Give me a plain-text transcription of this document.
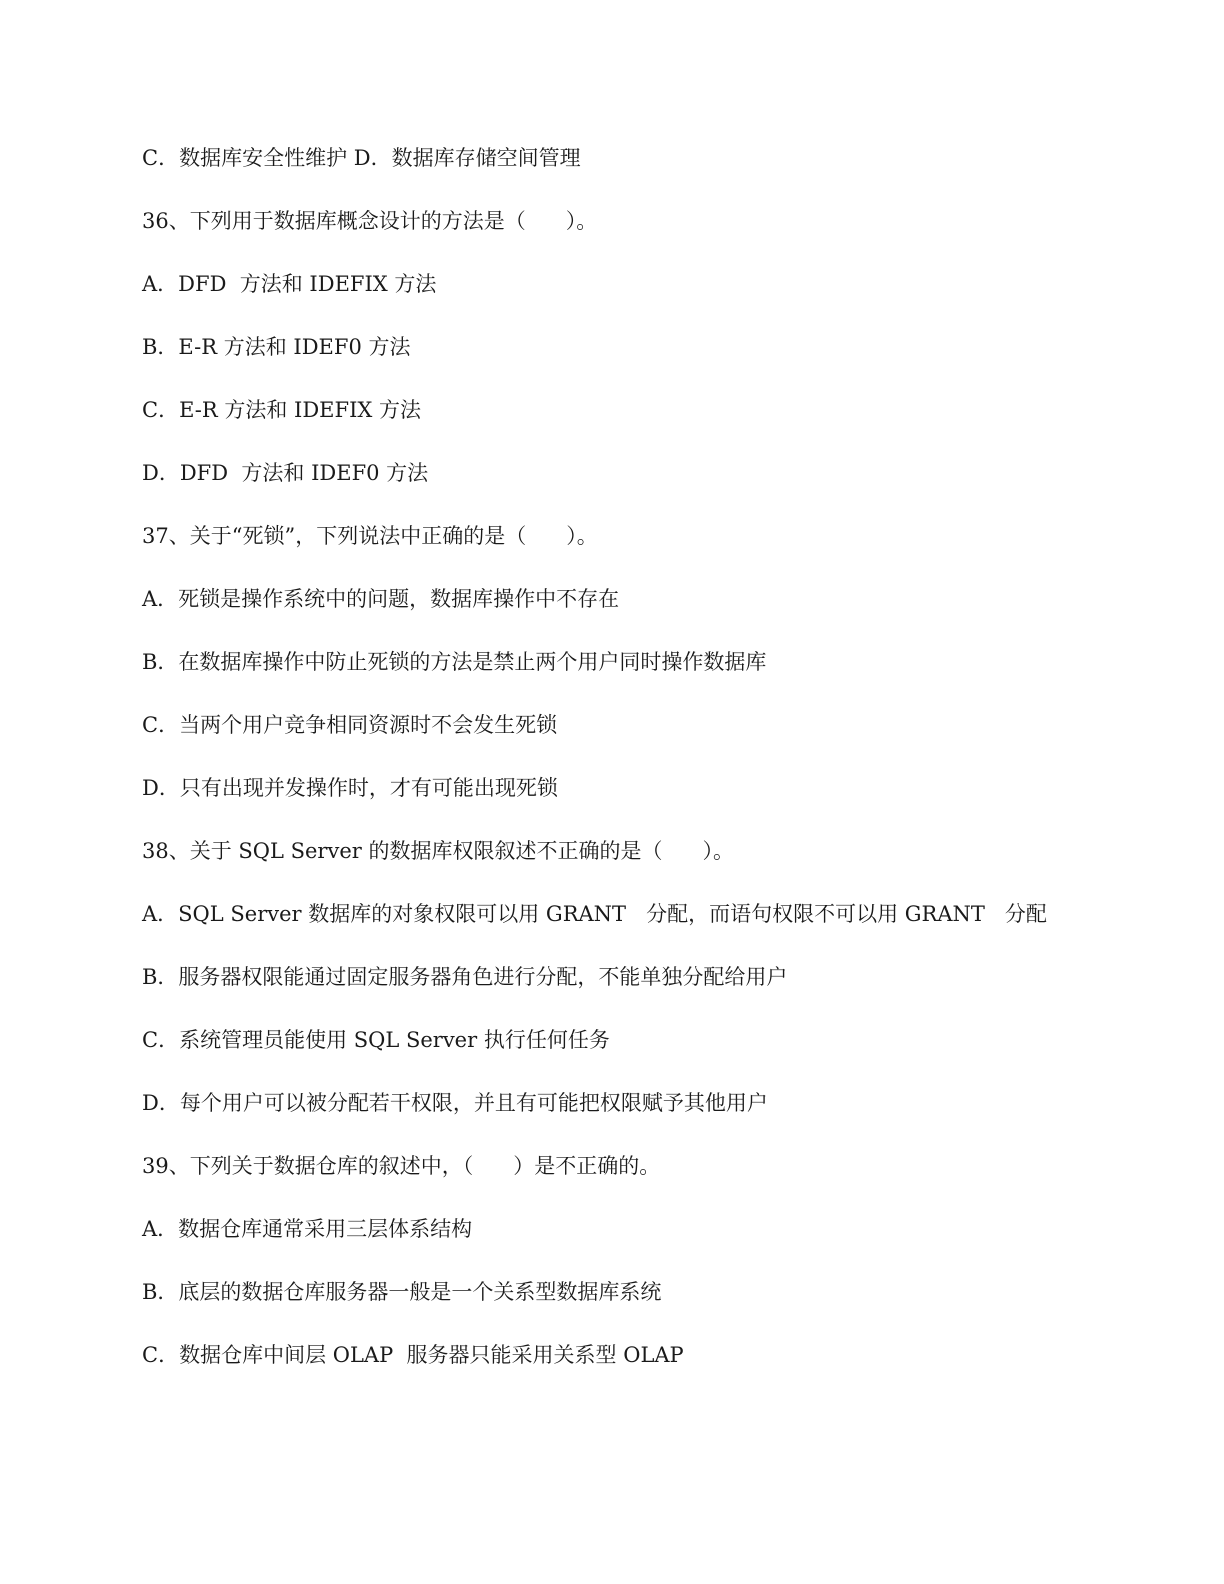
C．数据库安全性维护 D．数据库存储空间管理
36、下列用于数据库概念设计的方法是（      ）。
A．DFD  方法和 IDEFIX 方法
B．E-R 方法和 IDEF0 方法
C．E-R 方法和 IDEFIX 方法
D．DFD  方法和 IDEF0 方法
37、关于“死锁”，下列说法中正确的是（      ）。
A．死锁是操作系统中的问题，数据库操作中不存在
B．在数据库操作中防止死锁的方法是禁止两个用户同时操作数据库
C．当两个用户竞争相同资源时不会发生死锁
D．只有出现并发操作时，才有可能出现死锁
38、关于 SQL Server 的数据库权限叙述不正确的是（      ）。
A．SQL Server 数据库的对象权限可以用 GRANT   分配，而语句权限不可以用 GRANT   分配
B．服务器权限能通过固定服务器角色进行分配，不能单独分配给用户
C．系统管理员能使用 SQL Server 执行任何任务
D．每个用户可以被分配若干权限，并且有可能把权限赋予其他用户
39、下列关于数据仓库的叙述中，（      ）是不正确的。
A．数据仓库通常采用三层体系结构
B．底层的数据仓库服务器一般是一个关系型数据库系统
C．数据仓库中间层 OLAP  服务器只能采用关系型 OLAP
